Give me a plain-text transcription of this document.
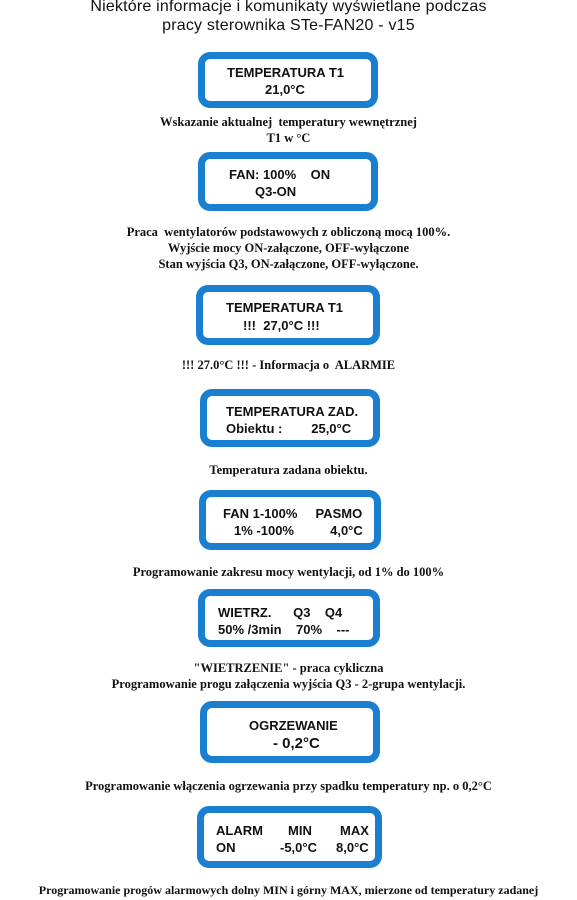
Niektóre informacje i komunikaty wyświetlane podczas
pracy sterownika STe-FAN20 - v15
TEMPERATURA T1
21,0°C
Wskazanie aktualnej  temperatury wewnętrznej
T1 w °C
FAN: 100%    ON
Q3-ON
Praca  wentylatorów podstawowych z obliczoną mocą 100%.
Wyjście mocy ON-załączone, OFF-wyłączone
Stan wyjścia Q3, ON-załączone, OFF-wyłączone.
TEMPERATURA T1
!!!  27,0°C !!!
!!! 27.0°C !!! - Informacja o  ALARMIE
TEMPERATURA ZAD.
Obiektu :        25,0°C
Temperatura zadana obiektu.
FAN 1-100%     PASMO
1% -100%          4,0°C
Programowanie zakresu mocy wentylacji, od 1% do 100%
WIETRZ.      Q3    Q4
50% /3min    70%    ---
"WIETRZENIE" - praca cykliczna
Programowanie progu załączenia wyjścia Q3 - 2-grupa wentylacji.
OGRZEWANIE
- 0,2°C
Programowanie włączenia ogrzewania przy spadku temperatury np. o 0,2°C
ALARM MIN MAX
ON	-5,0°C 8,0°C
Programowanie progów alarmowych dolny MIN i górny MAX, mierzone od temperatury zadanej
